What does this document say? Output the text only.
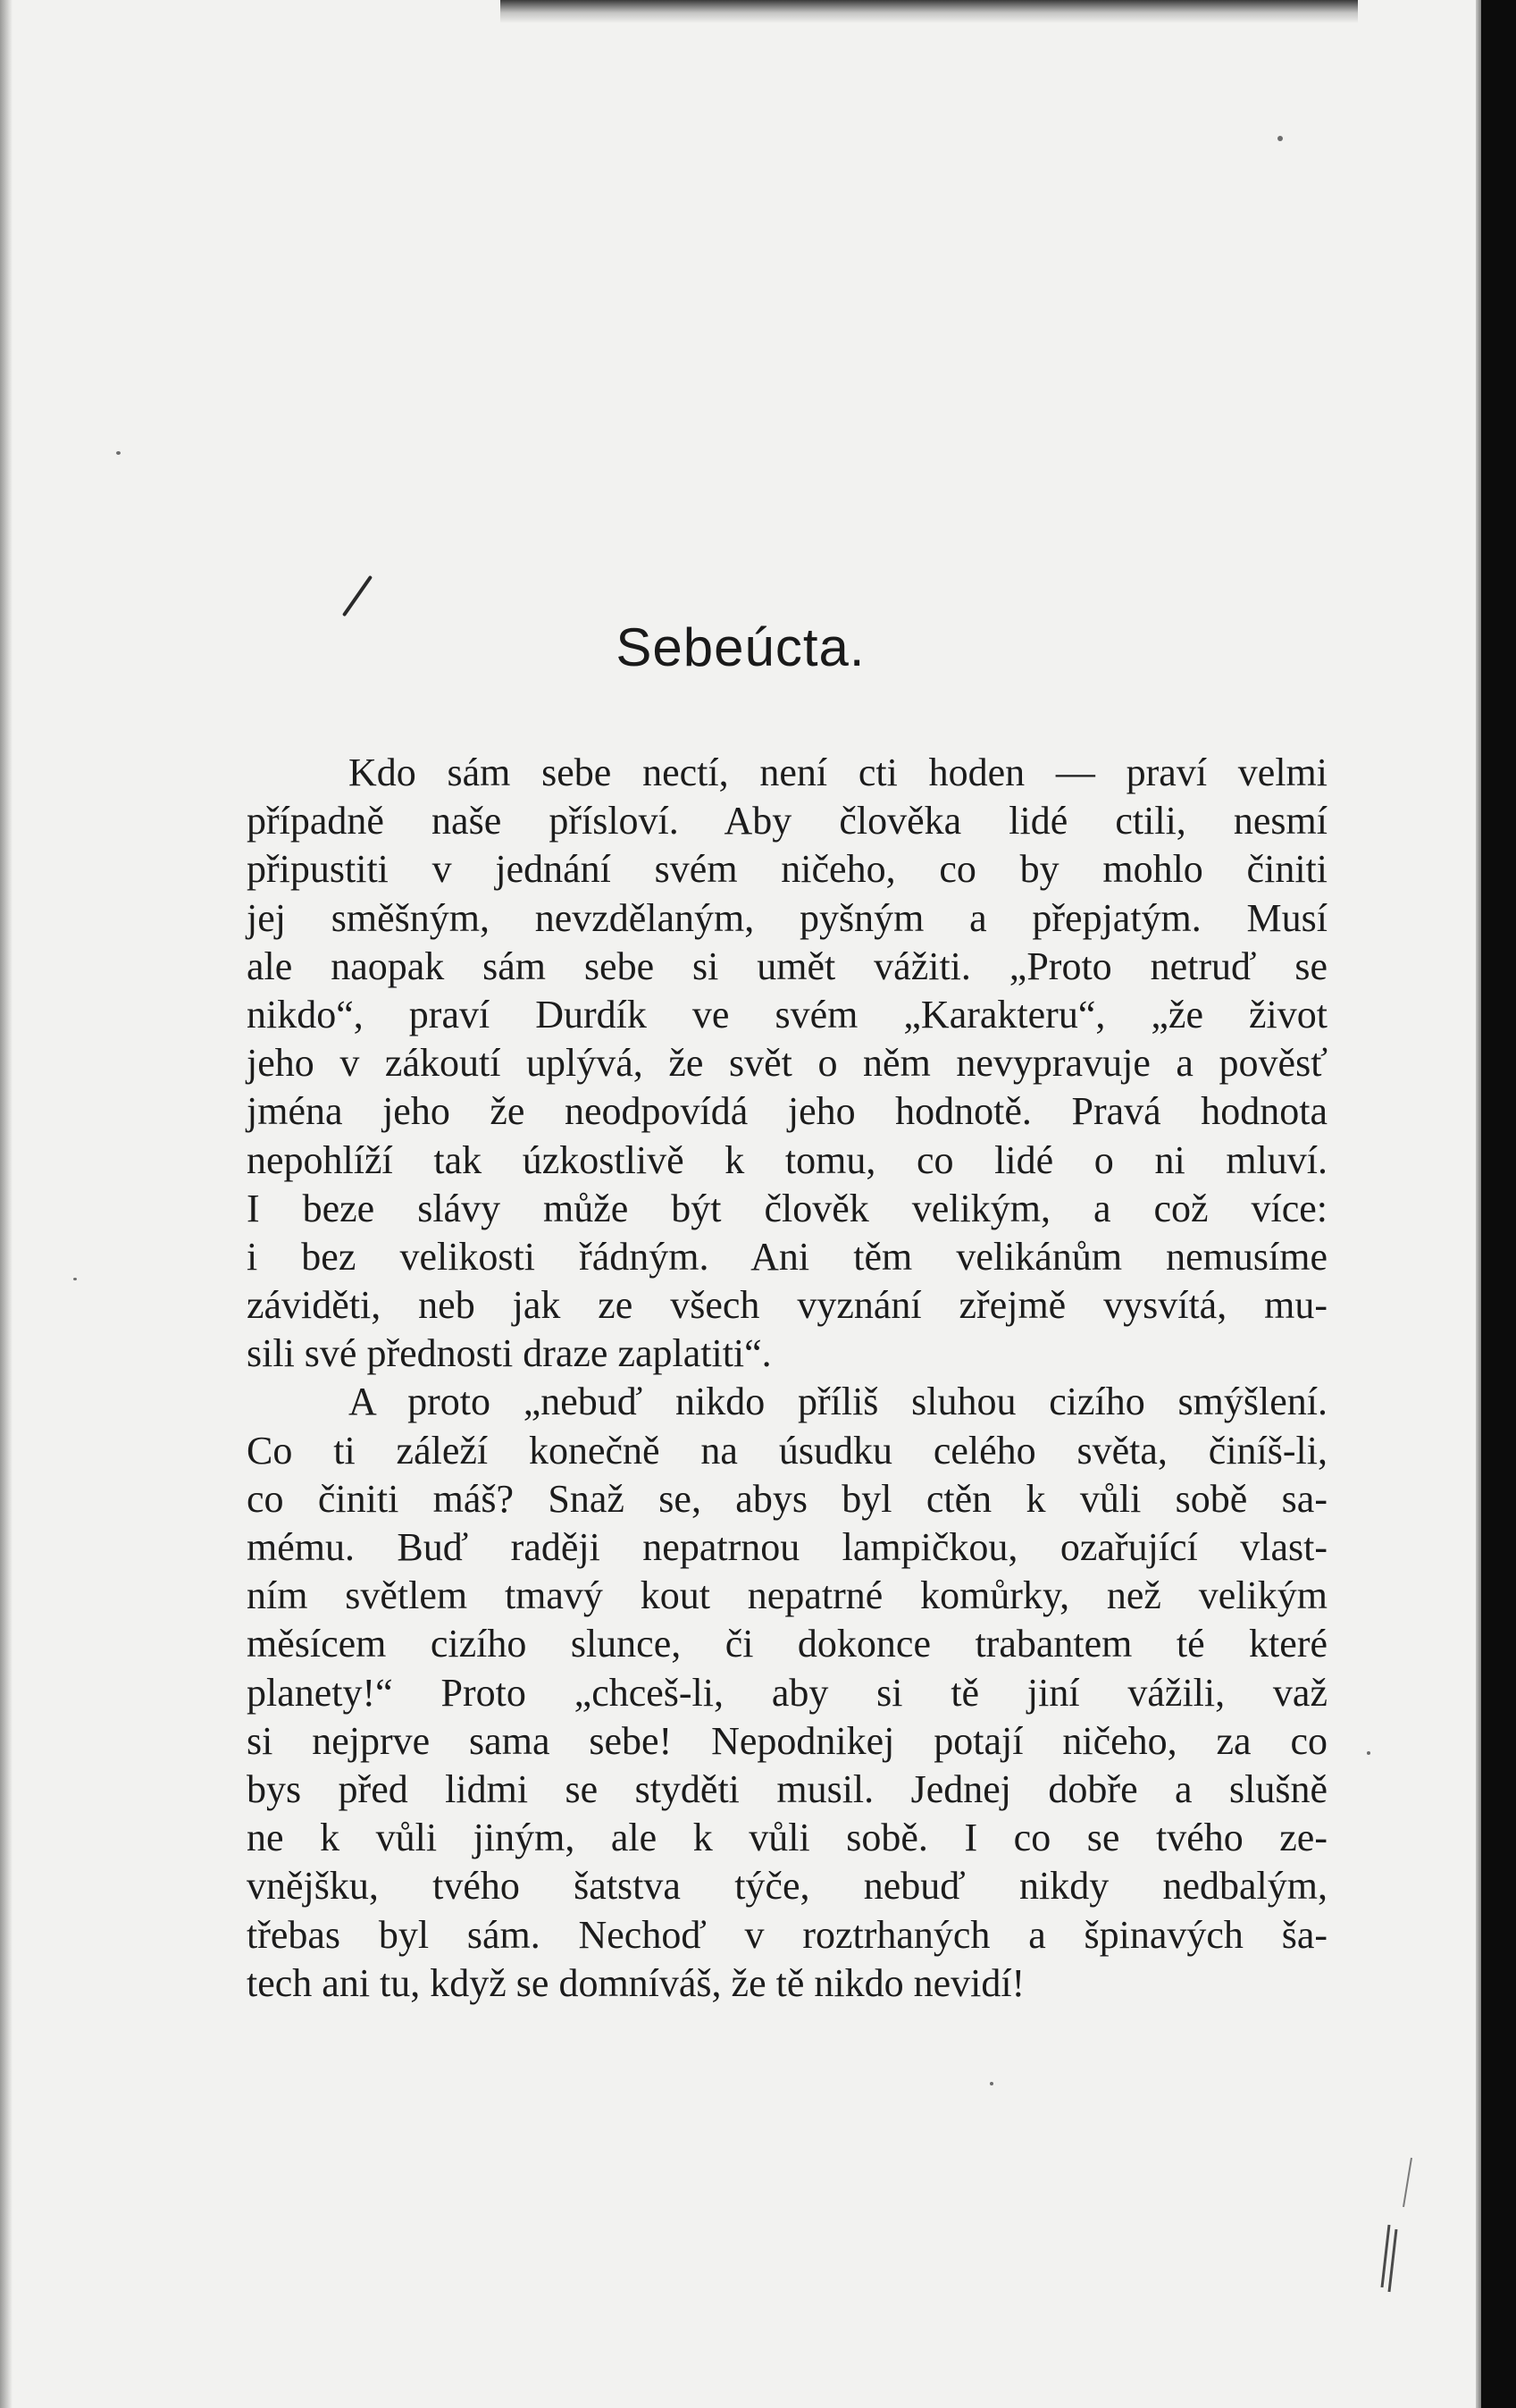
Sebeúcta.
Kdo sám sebe nectí, není cti hoden — praví velmi
případně naše přísloví. Aby člověka lidé ctili, nesmí
připustiti v jednání svém ničeho, co by mohlo činiti
jej směšným, nevzdělaným, pyšným a přepjatým. Musí
ale naopak sám sebe si umět vážiti. „Proto netruď se
nikdo“, praví Durdík ve svém „Karakteru“, „že život
jeho v zákoutí uplývá, že svět o něm nevypravuje a pověsť
jména jeho že neodpovídá jeho hodnotě. Pravá hodnota
nepohlíží tak úzkostlivě k tomu, co lidé o ni mluví.
I beze slávy může být člověk velikým, a což více:
i bez velikosti řádným. Ani těm velikánům nemusíme
záviděti, neb jak ze všech vyznání zřejmě vysvítá, mu-
sili své přednosti draze zaplatiti“.
A proto „nebuď nikdo příliš sluhou cizího smýšlení.
Co ti záleží konečně na úsudku celého světa, činíš-li,
co činiti máš? Snaž se, abys byl ctěn k vůli sobě sa-
mému. Buď raději nepatrnou lampičkou, ozařující vlast-
ním světlem tmavý kout nepatrné komůrky, než velikým
měsícem cizího slunce, či dokonce trabantem té které
planety!“ Proto „chceš-li, aby si tě jiní vážili, važ
si nejprve sama sebe! Nepodnikej potají ničeho, za co
bys před lidmi se styděti musil. Jednej dobře a slušně
ne k vůli jiným, ale k vůli sobě. I co se tvého ze-
vnějšku, tvého šatstva týče, nebuď nikdy nedbalým,
třebas byl sám. Nechoď v roztrhaných a špinavých ša-
tech ani tu, když se domníváš, že tě nikdo nevidí!
